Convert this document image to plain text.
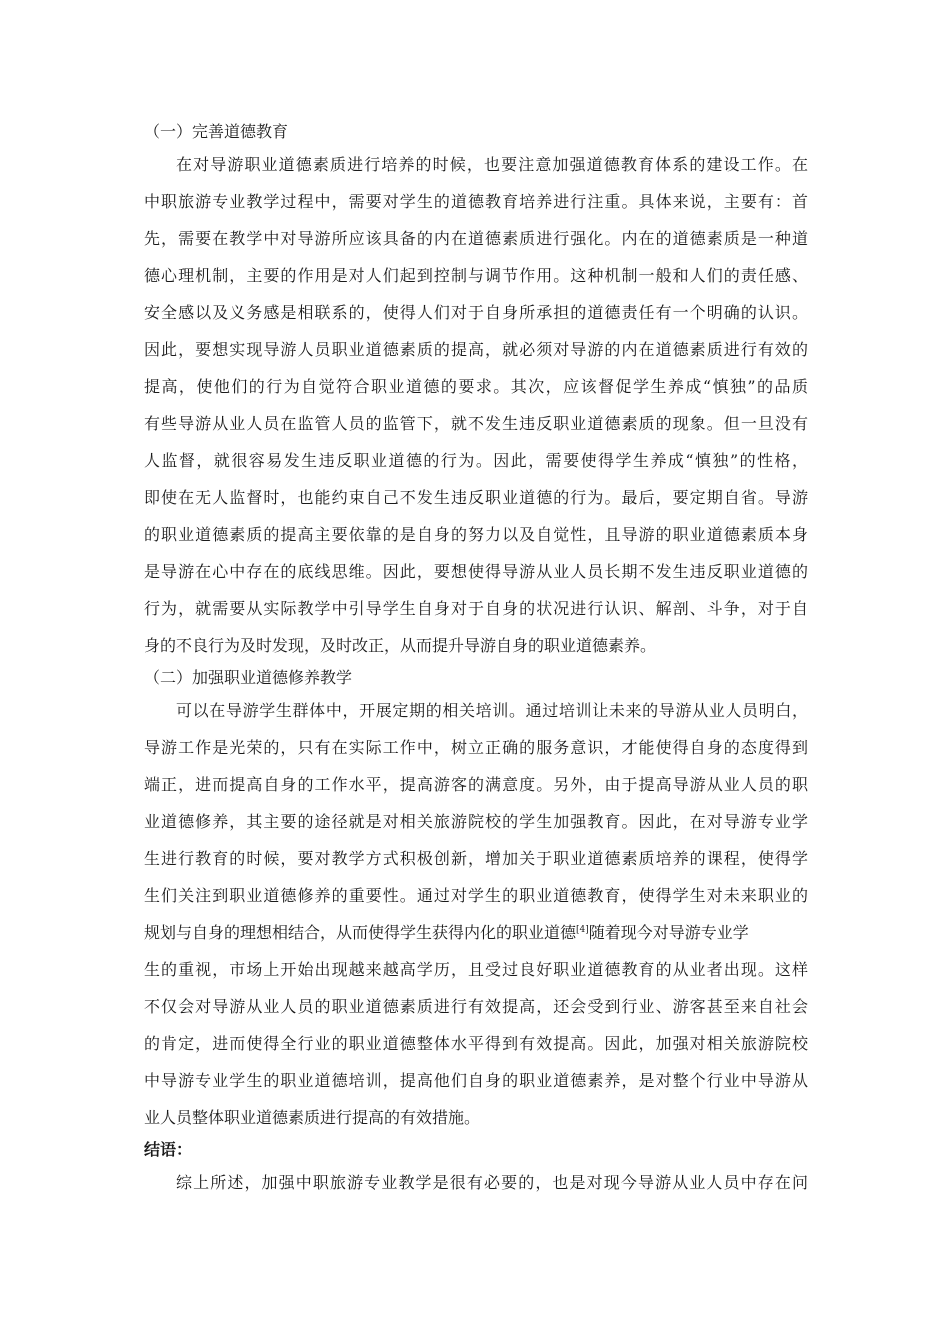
（一）完善道德教育
在对导游职业道德素质进行培养的时候，也要注意加强道德教育体系的建设工作。在
中职旅游专业教学过程中，需要对学生的道德教育培养进行注重。具体来说，主要有：首
先，需要在教学中对导游所应该具备的内在道德素质进行强化。内在的道德素质是一种道
德心理机制，主要的作用是对人们起到控制与调节作用。这种机制一般和人们的责任感、
安全感以及义务感是相联系的，使得人们对于自身所承担的道德责任有一个明确的认识。
因此，要想实现导游人员职业道德素质的提高，就必须对导游的内在道德素质进行有效的
提高，使他们的行为自觉符合职业道德的要求。其次，应该督促学生养成“慎独”的品质
有些导游从业人员在监管人员的监管下，就不发生违反职业道德素质的现象。但一旦没有
人监督，就很容易发生违反职业道德的行为。因此，需要使得学生养成“慎独”的性格，
即使在无人监督时，也能约束自己不发生违反职业道德的行为。最后，要定期自省。导游
的职业道德素质的提高主要依靠的是自身的努力以及自觉性，且导游的职业道德素质本身
是导游在心中存在的底线思维。因此，要想使得导游从业人员长期不发生违反职业道德的
行为，就需要从实际教学中引导学生自身对于自身的状况进行认识、解剖、斗争，对于自
身的不良行为及时发现，及时改正，从而提升导游自身的职业道德素养。
（二）加强职业道德修养教学
可以在导游学生群体中，开展定期的相关培训。通过培训让未来的导游从业人员明白，
导游工作是光荣的，只有在实际工作中，树立正确的服务意识，才能使得自身的态度得到
端正，进而提高自身的工作水平，提高游客的满意度。另外，由于提高导游从业人员的职
业道德修养，其主要的途径就是对相关旅游院校的学生加强教育。因此，在对导游专业学
生进行教育的时候，要对教学方式积极创新，增加关于职业道德素质培养的课程，使得学
生们关注到职业道德修养的重要性。通过对学生的职业道德教育，使得学生对未来职业的
规划与自身的理想相结合，从而使得学生获得内化的职业道德[4]随着现今对导游专业学
生的重视，市场上开始出现越来越高学历，且受过良好职业道德教育的从业者出现。这样
不仅会对导游从业人员的职业道德素质进行有效提高，还会受到行业、游客甚至来自社会
的肯定，进而使得全行业的职业道德整体水平得到有效提高。因此，加强对相关旅游院校
中导游专业学生的职业道德培训，提高他们自身的职业道德素养，是对整个行业中导游从
业人员整体职业道德素质进行提高的有效措施。
结语：
综上所述，加强中职旅游专业教学是很有必要的，也是对现今导游从业人员中存在问
